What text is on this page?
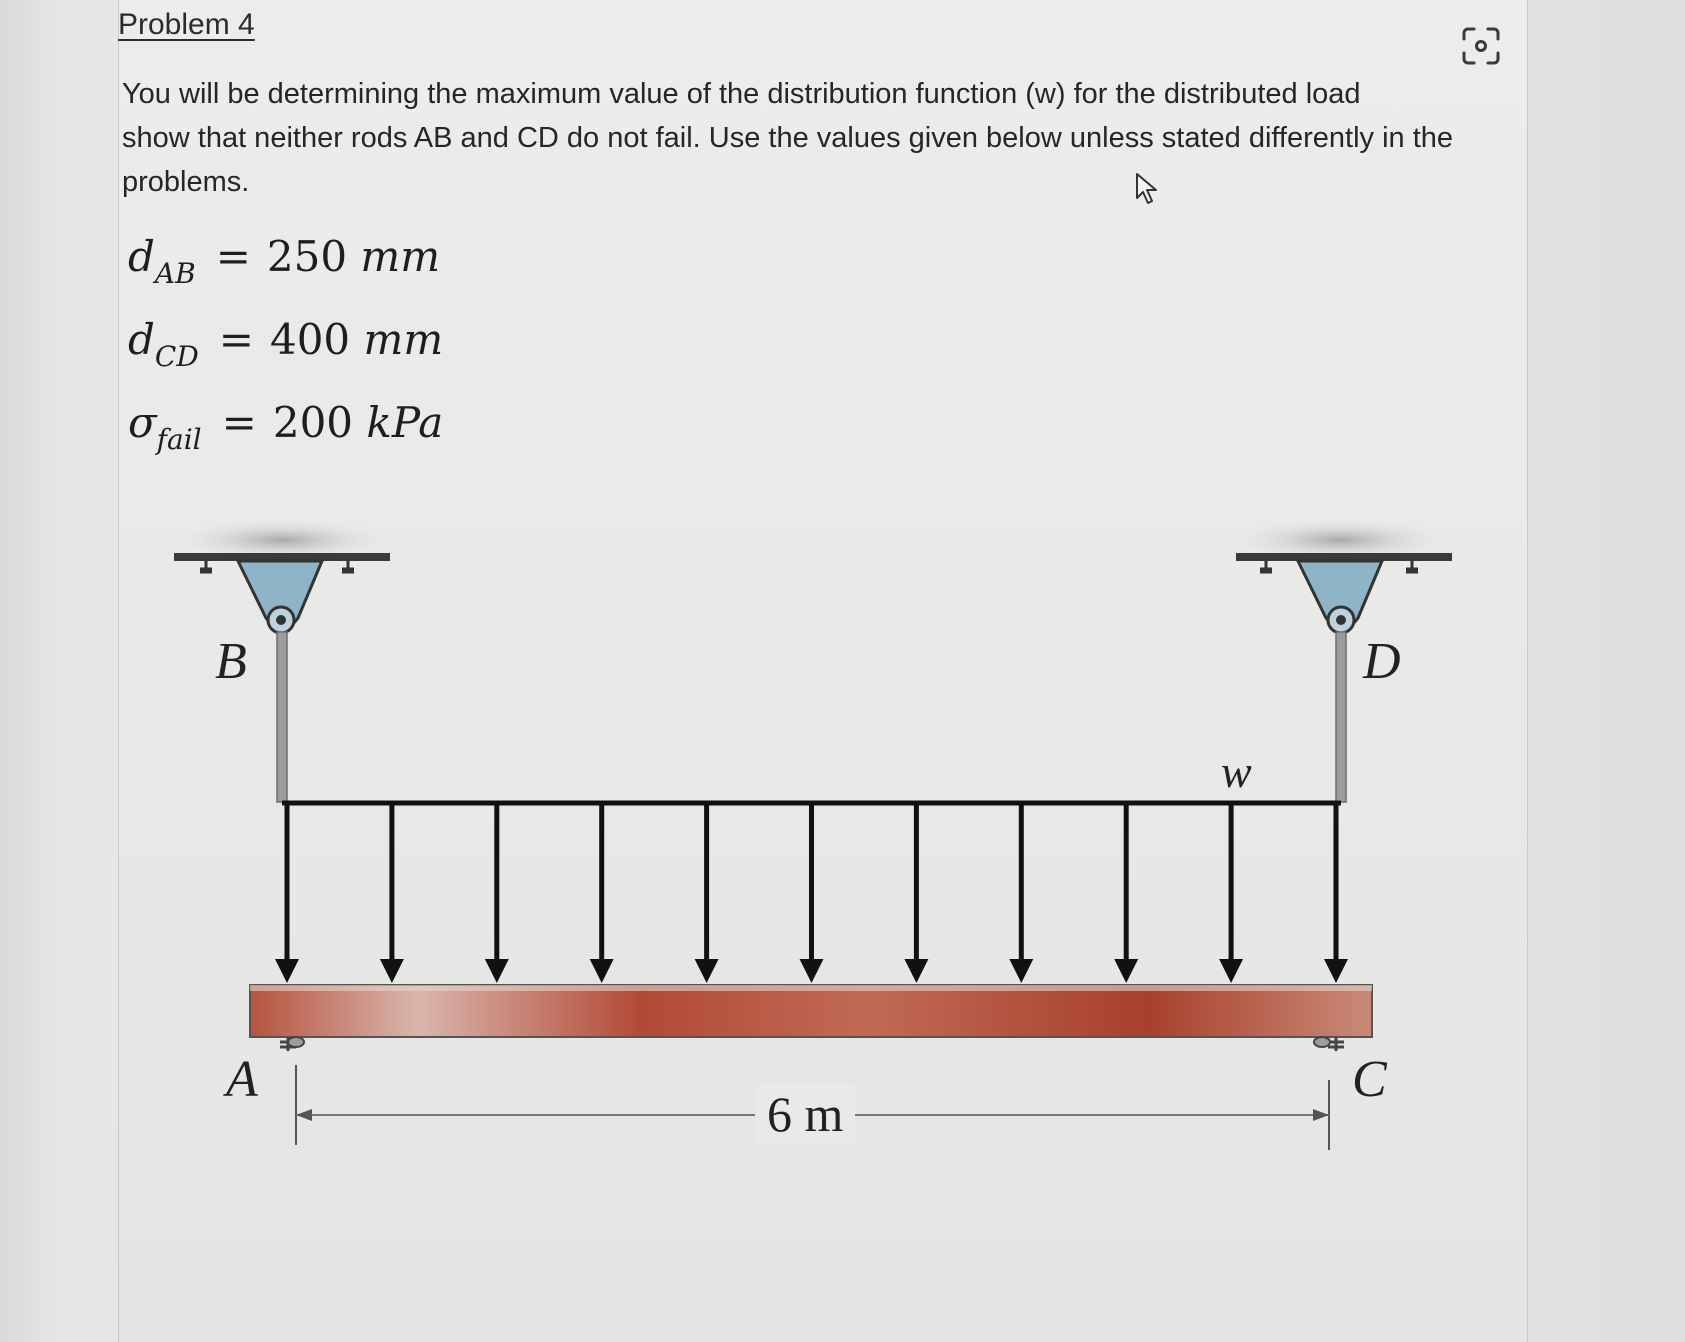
Problem 4
You will be determining the maximum value of the distribution function (w) for the distributed load
show that neither rods AB and CD do not fail. Use the values given below unless stated differently in the
problems.
$d_{AB} = 250$ mm
$d_{CD} = 400$ mm
$\sigma_{fail} = 200$ kPa
B	D
w
A	C
6 m
